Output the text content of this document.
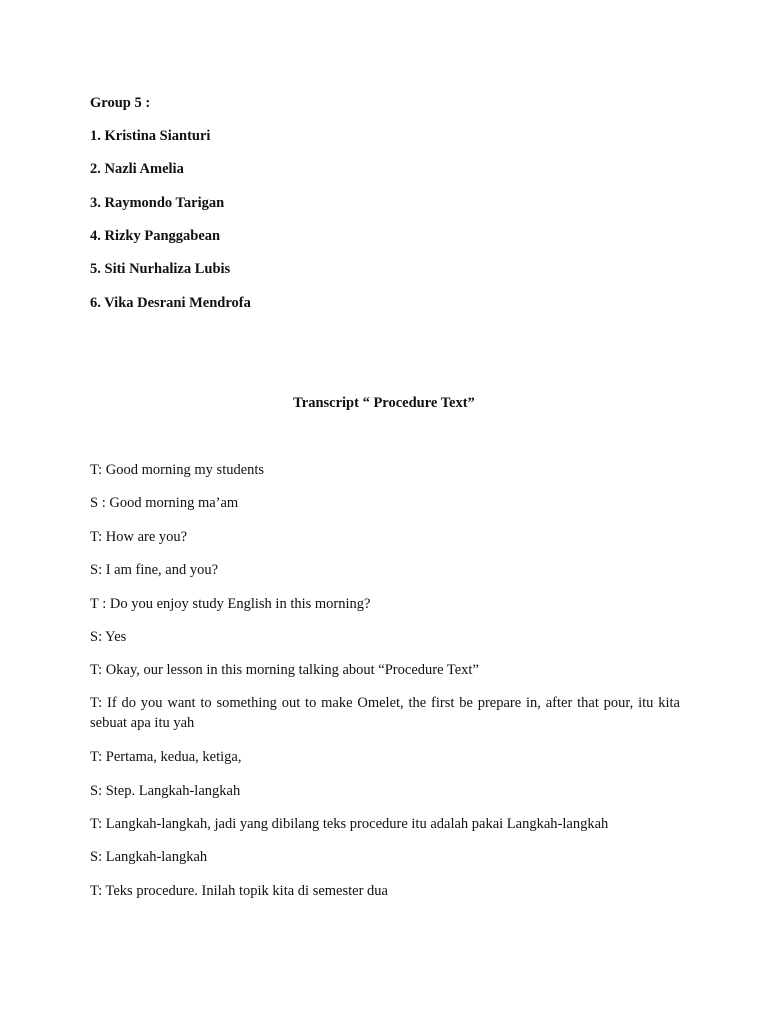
Group 5 :
1. Kristina Sianturi
2. Nazli Amelia
3. Raymondo Tarigan
4. Rizky Panggabean
5. Siti Nurhaliza Lubis
6. Vika Desrani Mendrofa
Transcript “ Procedure Text”
T: Good morning my students
S : Good morning ma’am
T: How are you?
S: I am fine, and you?
T : Do you enjoy study English in this morning?
S: Yes
T: Okay, our lesson in this morning talking about “Procedure Text”
T: If do you want to something out to make Omelet, the first be prepare in, after that pour, itu kita sebuat apa itu yah
T: Pertama, kedua, ketiga,
S: Step. Langkah-langkah
T: Langkah-langkah, jadi yang dibilang teks procedure itu adalah pakai Langkah-langkah
S: Langkah-langkah
T: Teks procedure. Inilah topik kita di semester dua
